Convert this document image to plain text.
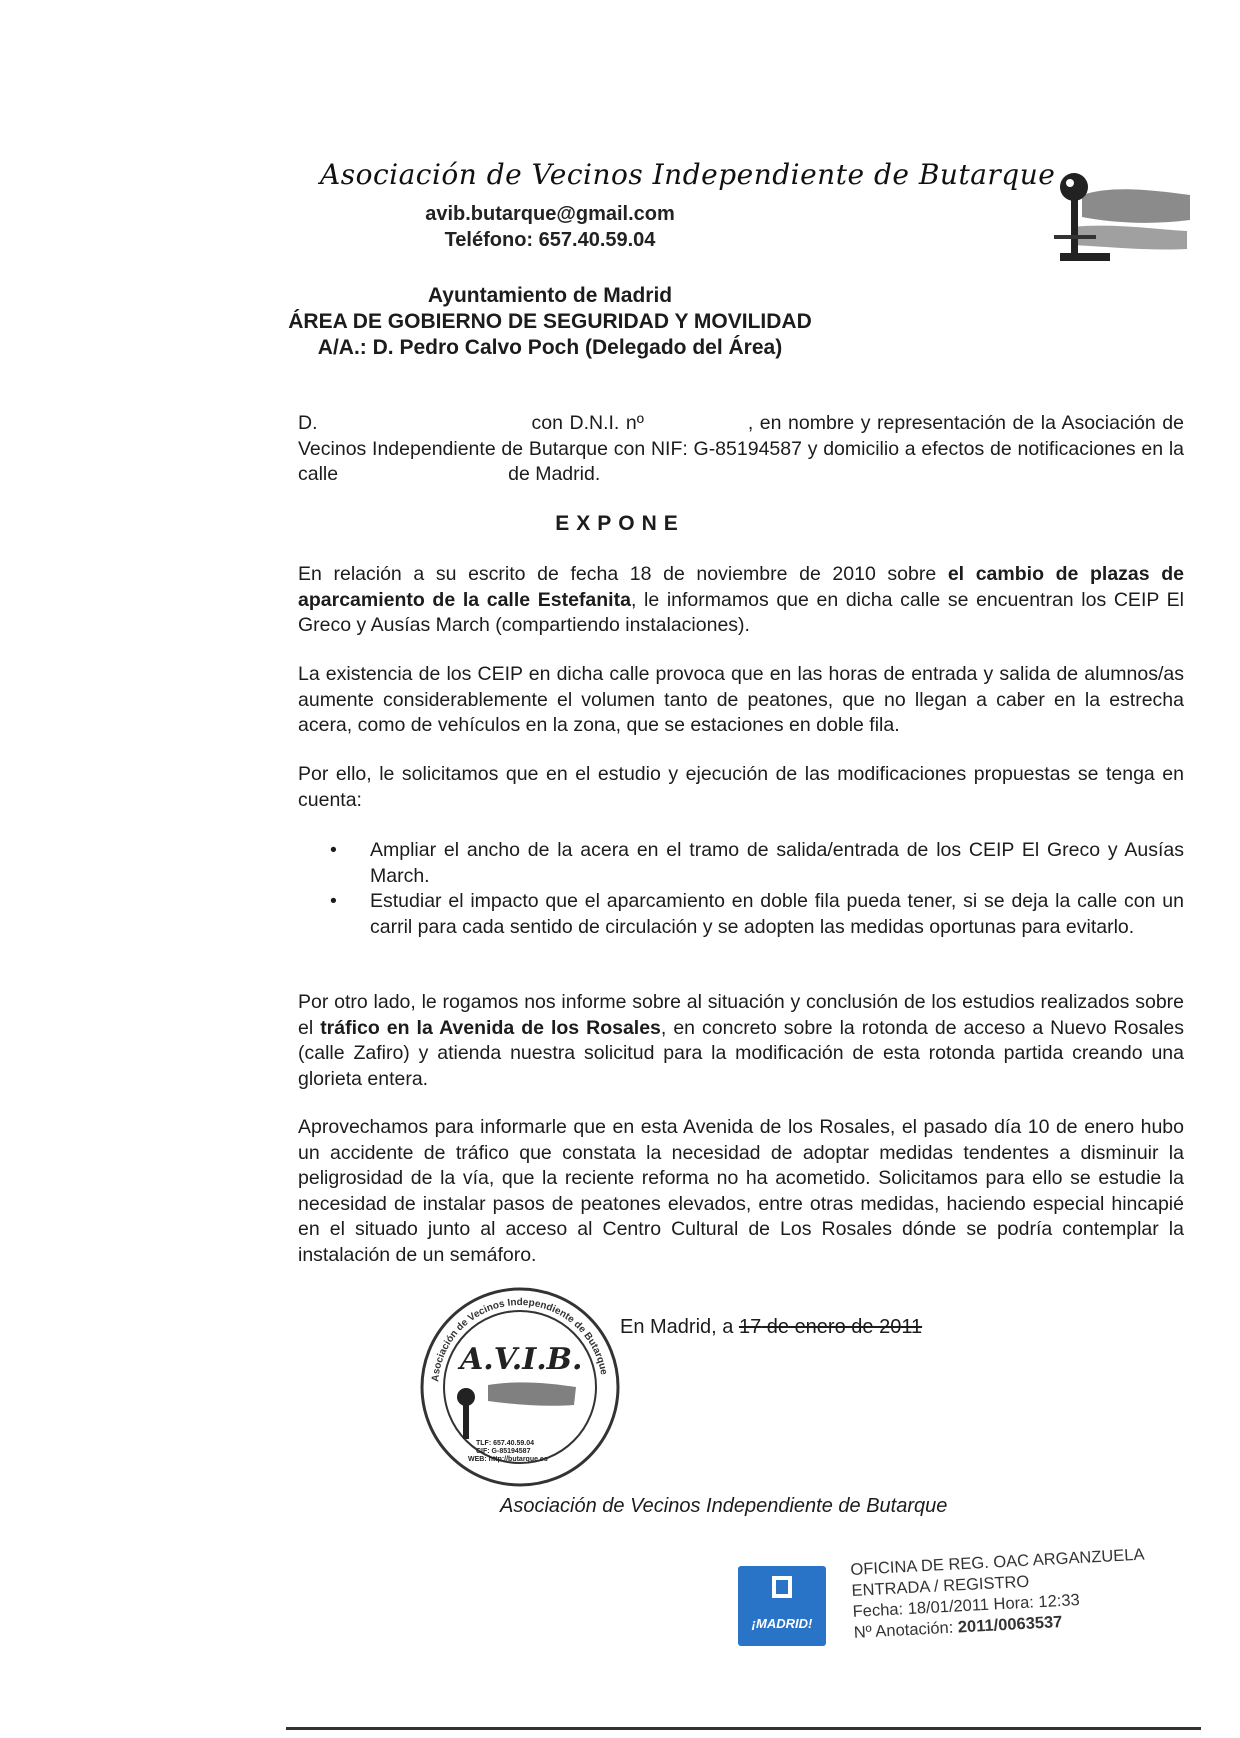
Asociación de Vecinos Independiente de Butarque
avib.butarque@gmail.com
Teléfono: 657.40.59.04
Ayuntamiento de Madrid
ÁREA DE GOBIERNO DE SEGURIDAD Y MOVILIDAD
A/A.: D. Pedro Calvo Poch (Delegado del Área)
D.	con D.N.I. nº	, en nombre y representación de la Asociación de Vecinos Independiente de Butarque con NIF: G-85194587 y domicilio a efectos de notificaciones en la calle	de Madrid.
EXPONE
En relación a su escrito de fecha 18 de noviembre de 2010 sobre el cambio de plazas de aparcamiento de la calle Estefanita, le informamos que en dicha calle se encuentran los CEIP El Greco y Ausías March (compartiendo instalaciones).
La existencia de los CEIP en dicha calle provoca que en las horas de entrada y salida de alumnos/as aumente considerablemente el volumen tanto de peatones, que no llegan a caber en la estrecha acera, como de vehículos en la zona, que se estaciones en doble fila.
Por ello, le solicitamos que en el estudio y ejecución de las modificaciones propuestas se tenga en cuenta:
• Ampliar el ancho de la acera en el tramo de salida/entrada de los CEIP El Greco y Ausías March.
• Estudiar el impacto que el aparcamiento en doble fila pueda tener, si se deja la calle con un carril para cada sentido de circulación y se adopten las medidas oportunas para evitarlo.
Por otro lado, le rogamos nos informe sobre al situación y conclusión de los estudios realizados sobre el tráfico en la Avenida de los Rosales, en concreto sobre la rotonda de acceso a Nuevo Rosales (calle Zafiro) y atienda nuestra solicitud para la modificación de esta rotonda partida creando una glorieta entera.
Aprovechamos para informarle que en esta Avenida de los Rosales, el pasado día 10 de enero hubo un accidente de tráfico que constata la necesidad de adoptar medidas tendentes a disminuir la peligrosidad de la vía, que la reciente reforma no ha acometido. Solicitamos para ello se estudie la necesidad de instalar pasos de peatones elevados, entre otras medidas, haciendo especial hincapié en el situado junto al acceso al Centro Cultural de Los Rosales dónde se podría contemplar la instalación de un semáforo.
A.V.I.B.
TLF: 657.40.59.04
CIF: G-85194587
WEB: http://butarque.es
Asociación de Vecinos Independiente de Butarque
En Madrid, a 17 de enero de 2011
Asociación de Vecinos Independiente de Butarque
¡MADRID!
OFICINA DE REG. OAC ARGANZUELA
ENTRADA / REGISTRO
Fecha: 18/01/2011 Hora: 12:33
Nº Anotación: 2011/0063537
